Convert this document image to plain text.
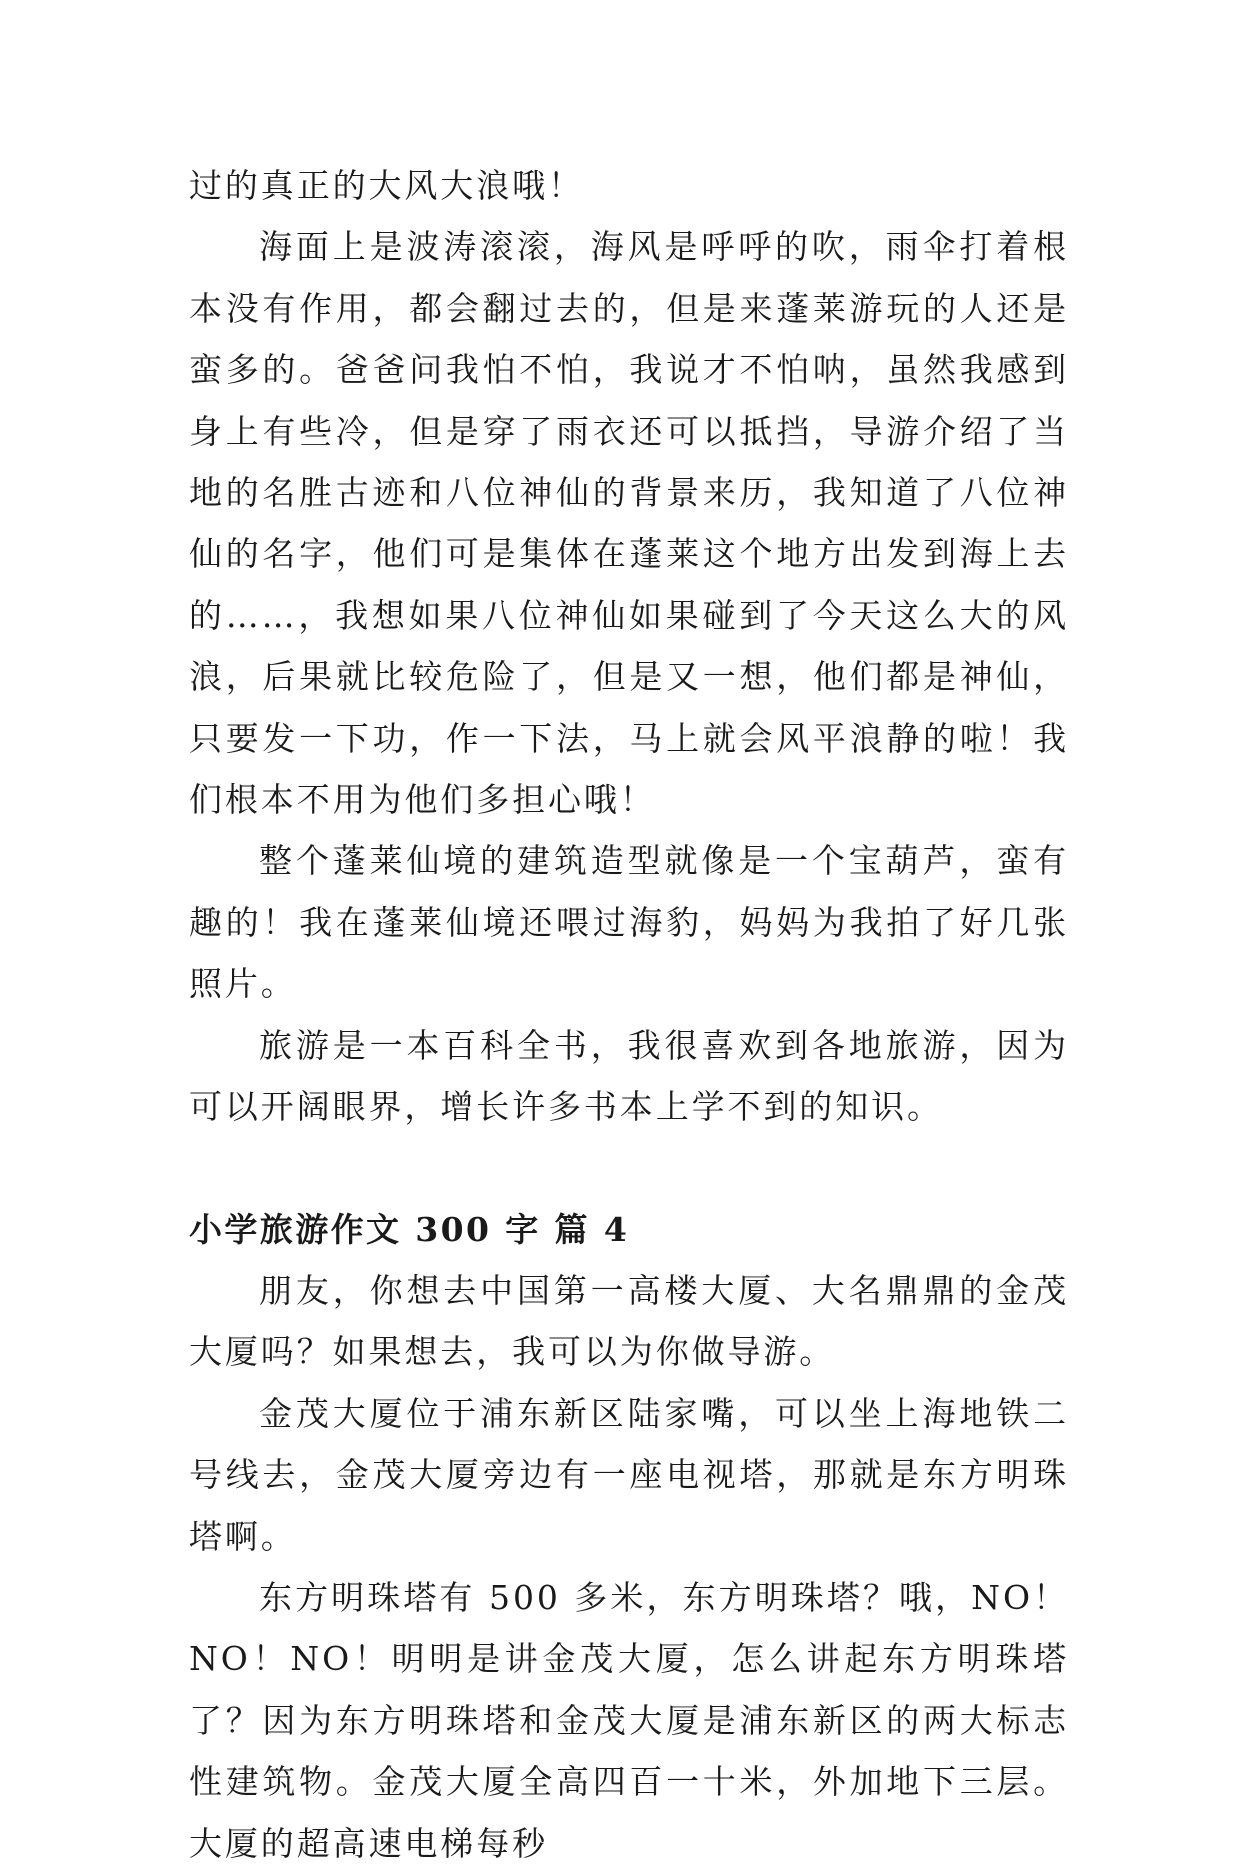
过的真正的大风大浪哦！

海面上是波涛滚滚，海风是呼呼的吹，雨伞打着根本没有作用，都会翻过去的，但是来蓬莱游玩的人还是蛮多的。爸爸问我怕不怕，我说才不怕呐，虽然我感到身上有些冷，但是穿了雨衣还可以抵挡，导游介绍了当地的名胜古迹和八位神仙的背景来历，我知道了八位神仙的名字，他们可是集体在蓬莱这个地方出发到海上去的……，我想如果八位神仙如果碰到了今天这么大的风浪，后果就比较危险了，但是又一想，他们都是神仙，只要发一下功，作一下法，马上就会风平浪静的啦！我们根本不用为他们多担心哦！

整个蓬莱仙境的建筑造型就像是一个宝葫芦，蛮有趣的！我在蓬莱仙境还喂过海豹，妈妈为我拍了好几张照片。

旅游是一本百科全书，我很喜欢到各地旅游，因为可以开阔眼界，增长许多书本上学不到的知识。

小学旅游作文 300 字 篇 4

朋友，你想去中国第一高楼大厦、大名鼎鼎的金茂大厦吗？如果想去，我可以为你做导游。

金茂大厦位于浦东新区陆家嘴，可以坐上海地铁二号线去，金茂大厦旁边有一座电视塔，那就是东方明珠塔啊。

东方明珠塔有 500 多米，东方明珠塔？哦，NO！NO！NO！明明是讲金茂大厦，怎么讲起东方明珠塔了？因为东方明珠塔和金茂大厦是浦东新区的两大标志性建筑物。金茂大厦全高四百一十米，外加地下三层。大厦的超高速电梯每秒
